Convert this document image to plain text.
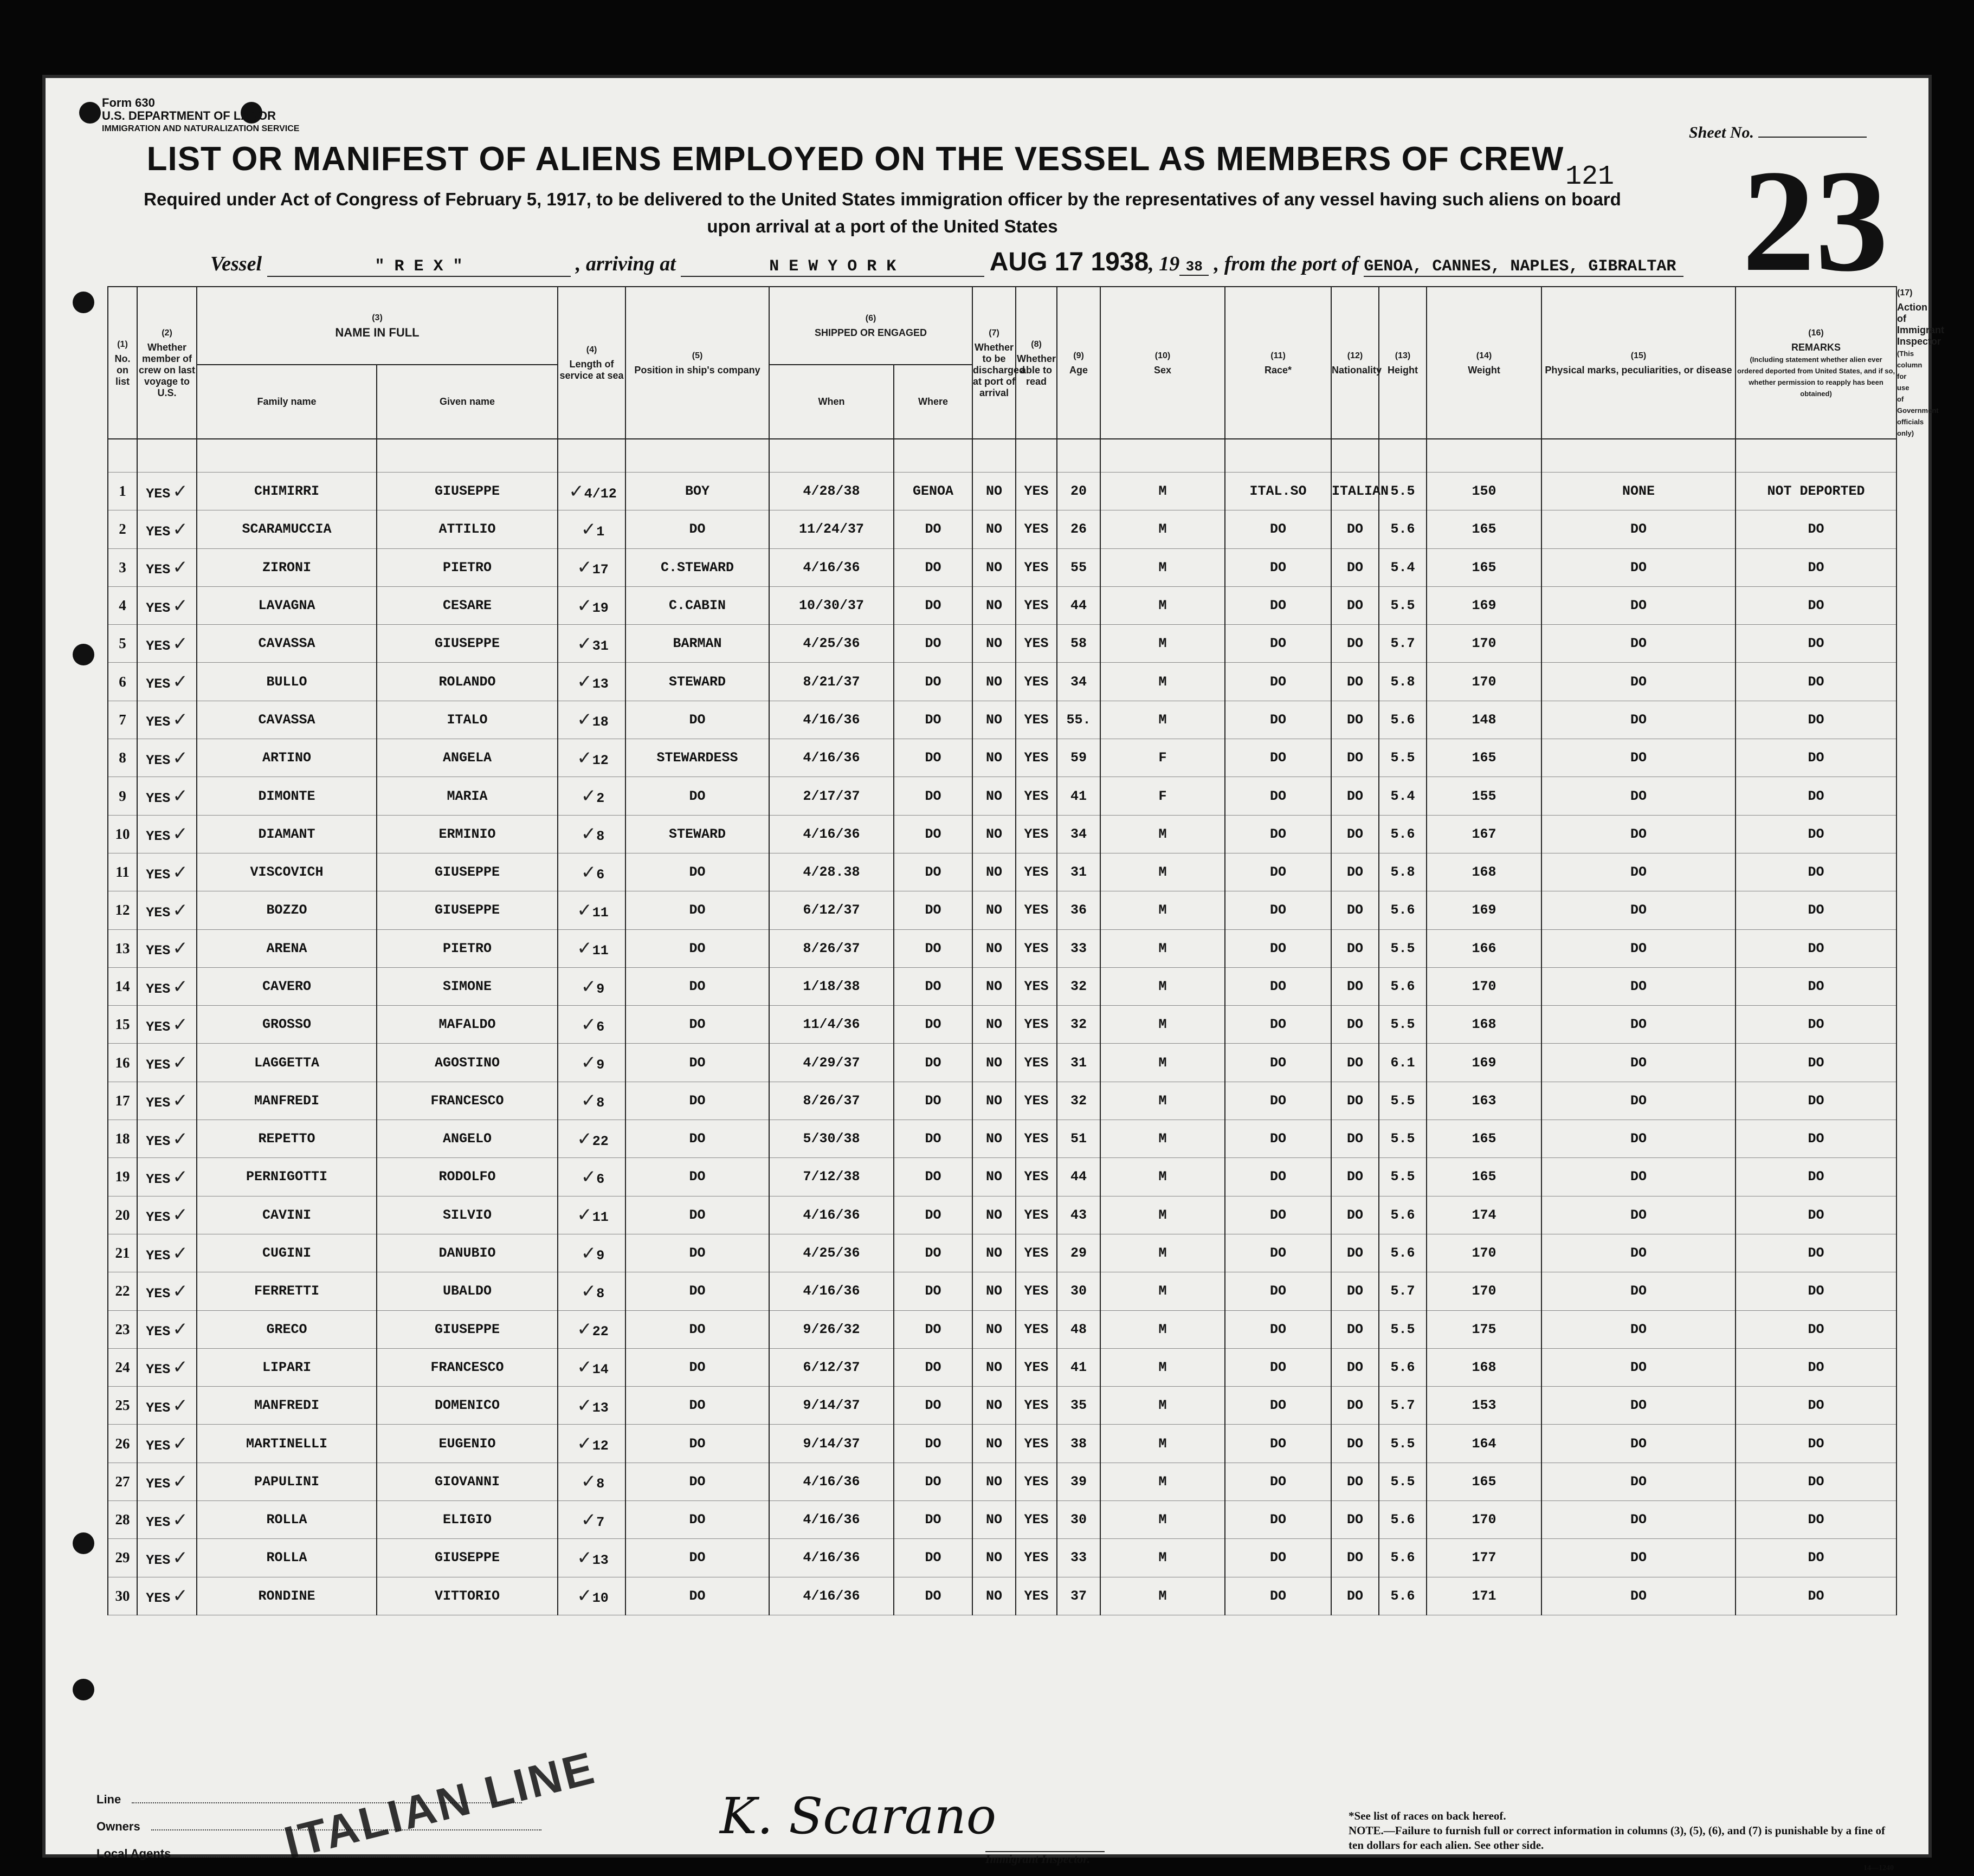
Form 630
U.S. DEPARTMENT OF LABOR
IMMIGRATION AND NATURALIZATION SERVICE	Sheet No.
23
121
LIST OR MANIFEST OF ALIENS EMPLOYED ON THE VESSEL AS MEMBERS OF CREW
Required under Act of Congress of February 5, 1917, to be delivered to the United States immigration officer by the representatives of any vessel having such aliens on board upon arrival at a port of the United States
Vessel	" R E X "	, arriving at	N E W Y O R K	AUG 17 1938, 19 38 , from the port of GENOA, CANNES, NAPLES, GIBRALTAR
(1)
No. on list	(2)
Whether member of crew on last voyage to U.S.	(3)
NAME IN FULL		(4)
Length of service at sea	(5)
Position in ship's company	(6)
SHIPPED OR ENGAGED		(7)
Whether to be discharged at port of arrival	(8)
Whether able to read	(9)
Age	(10)
Sex	(11)
Race*	(12)
Nationality	(13)
Height	(14)
Weight	(15)
Physical marks, peculiarities, or disease	(16)
REMARKS
(Including statement whether alien ever ordered deported from United States, and if so, whether permission to reapply has been obtained)	(17)
Action of Immigrant Inspector
(This column for use of Government officials only)
		Family name	Given name			When	Where											

1	YES ✓	CHIMIRRI	GIUSEPPE	✓4/12	BOY	4/28/38	GENOA	NO	YES	20	M	ITAL.SO	ITALIAN	5.5	150	NONE	NOT DEPORTED	
2	YES ✓	SCARAMUCCIA	ATTILIO	✓1	DO	11/24/37	DO	NO	YES	26	M	DO	DO	5.6	165	DO	DO	
3	YES ✓	ZIRONI	PIETRO	✓17	C.STEWARD	4/16/36	DO	NO	YES	55	M	DO	DO	5.4	165	DO	DO	
4	YES ✓	LAVAGNA	CESARE	✓19	C.CABIN	10/30/37	DO	NO	YES	44	M	DO	DO	5.5	169	DO	DO	
5	YES ✓	CAVASSA	GIUSEPPE	✓31	BARMAN	4/25/36	DO	NO	YES	58	M	DO	DO	5.7	170	DO	DO	
6	YES ✓	BULLO	ROLANDO	✓13	STEWARD	8/21/37	DO	NO	YES	34	M	DO	DO	5.8	170	DO	DO	
7	YES ✓	CAVASSA	ITALO	✓18	DO	4/16/36	DO	NO	YES	55.	M	DO	DO	5.6	148	DO	DO	
8	YES ✓	ARTINO	ANGELA	✓12	STEWARDESS	4/16/36	DO	NO	YES	59	F	DO	DO	5.5	165	DO	DO	
9	YES ✓	DIMONTE	MARIA	✓2	DO	2/17/37	DO	NO	YES	41	F	DO	DO	5.4	155	DO	DO	
10	YES ✓	DIAMANT	ERMINIO	✓8	STEWARD	4/16/36	DO	NO	YES	34	M	DO	DO	5.6	167	DO	DO	
11	YES ✓	VISCOVICH	GIUSEPPE	✓6	DO	4/28.38	DO	NO	YES	31	M	DO	DO	5.8	168	DO	DO	
12	YES ✓	BOZZO	GIUSEPPE	✓11	DO	6/12/37	DO	NO	YES	36	M	DO	DO	5.6	169	DO	DO	
13	YES ✓	ARENA	PIETRO	✓11	DO	8/26/37	DO	NO	YES	33	M	DO	DO	5.5	166	DO	DO	
14	YES ✓	CAVERO	SIMONE	✓9	DO	1/18/38	DO	NO	YES	32	M	DO	DO	5.6	170	DO	DO	
15	YES ✓	GROSSO	MAFALDO	✓6	DO	11/4/36	DO	NO	YES	32	M	DO	DO	5.5	168	DO	DO	
16	YES ✓	LAGGETTA	AGOSTINO	✓9	DO	4/29/37	DO	NO	YES	31	M	DO	DO	6.1	169	DO	DO	
17	YES ✓	MANFREDI	FRANCESCO	✓8	DO	8/26/37	DO	NO	YES	32	M	DO	DO	5.5	163	DO	DO	
18	YES ✓	REPETTO	ANGELO	✓22	DO	5/30/38	DO	NO	YES	51	M	DO	DO	5.5	165	DO	DO	
19	YES ✓	PERNIGOTTI	RODOLFO	✓6	DO	7/12/38	DO	NO	YES	44	M	DO	DO	5.5	165	DO	DO	
20	YES ✓	CAVINI	SILVIO	✓11	DO	4/16/36	DO	NO	YES	43	M	DO	DO	5.6	174	DO	DO	
21	YES ✓	CUGINI	DANUBIO	✓9	DO	4/25/36	DO	NO	YES	29	M	DO	DO	5.6	170	DO	DO	
22	YES ✓	FERRETTI	UBALDO	✓8	DO	4/16/36	DO	NO	YES	30	M	DO	DO	5.7	170	DO	DO	
23	YES ✓	GRECO	GIUSEPPE	✓22	DO	9/26/32	DO	NO	YES	48	M	DO	DO	5.5	175	DO	DO	
24	YES ✓	LIPARI	FRANCESCO	✓14	DO	6/12/37	DO	NO	YES	41	M	DO	DO	5.6	168	DO	DO	
25	YES ✓	MANFREDI	DOMENICO	✓13	DO	9/14/37	DO	NO	YES	35	M	DO	DO	5.7	153	DO	DO	
26	YES ✓	MARTINELLI	EUGENIO	✓12	DO	9/14/37	DO	NO	YES	38	M	DO	DO	5.5	164	DO	DO	
27	YES ✓	PAPULINI	GIOVANNI	✓8	DO	4/16/36	DO	NO	YES	39	M	DO	DO	5.5	165	DO	DO	
28	YES ✓	ROLLA	ELIGIO	✓7	DO	4/16/36	DO	NO	YES	30	M	DO	DO	5.6	170	DO	DO	
29	YES ✓	ROLLA	GIUSEPPE	✓13	DO	4/16/36	DO	NO	YES	33	M	DO	DO	5.6	177	DO	DO	
30	YES ✓	RONDINE	VITTORIO	✓10	DO	4/16/36	DO	NO	YES	37	M	DO	DO	5.6	171	DO	DO	
Line
Owners
Local Agents	ITALIAN LINE K. Scarano
Immigrant Inspector.
*See list of races on back hereof.
NOTE.—Failure to furnish full or correct information in columns (3), (5), (6), and (7) is punishable by a fine of ten dollars for each alien. See other side.
14—1240
